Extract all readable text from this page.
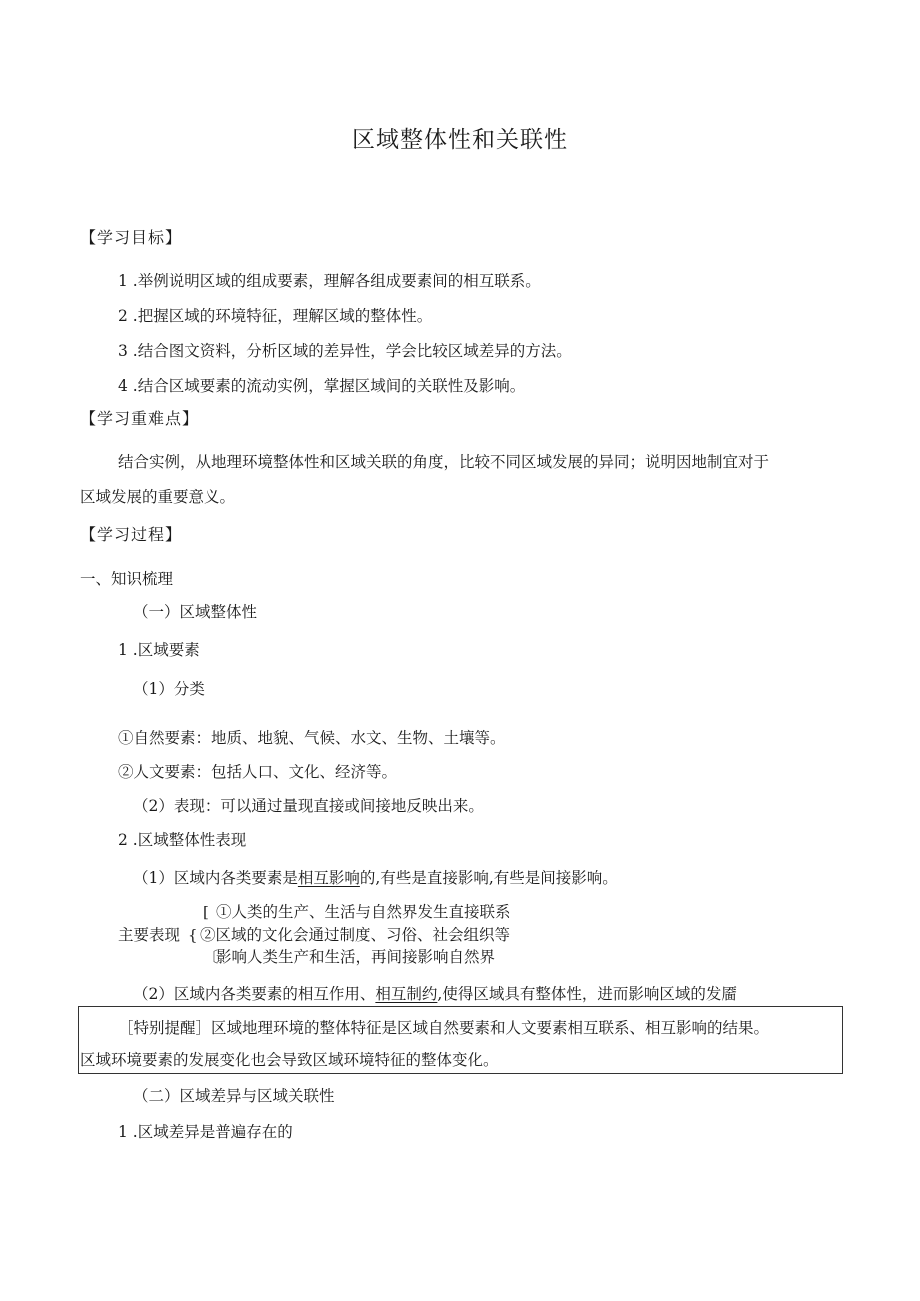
区域整体性和关联性
【学习目标】
1 .举例说明区域的组成要素，理解各组成要素间的相互联系。
2 .把握区域的环境特征，理解区域的整体性。
3 .结合图文资料，分析区域的差异性，学会比较区域差异的方法。
4 .结合区域要素的流动实例，掌握区域间的关联性及影响。
【学习重难点】
结合实例，从地理环境整体性和区域关联的角度，比较不同区域发展的异同；说明因地制宜对于
区域发展的重要意义。
【学习过程】
一、知识梳理
（一）区域整体性
1 .区域要素
（1）分类
①自然要素：地质、地貌、气候、水文、生物、土壤等。
②人文要素：包括人口、文化、经济等。
（2）表现：可以通过量现直接或间接地反映出来。
2 .区域整体性表现
（1）区域内各类要素是相互影响的,有些是直接影响,有些是间接影响。
[ ①人类的生产、生活与自然界发生直接联系
主要表现 { ②区域的文化会通过制度、习俗、社会组织等
〔
影响人类生产和生活，再间接影响自然界
（2）区域内各类要素的相互作用、相互制约,使得区域具有整体性，进而影响区域的发靥
［特别提醒］区域地理环境的整体特征是区域自然要素和人文要素相互联系、相互影响的结果。
区域环境要素的发展变化也会导致区域环境特征的整体变化。
（二）区域差异与区域关联性
1 .区域差异是普遍存在的
